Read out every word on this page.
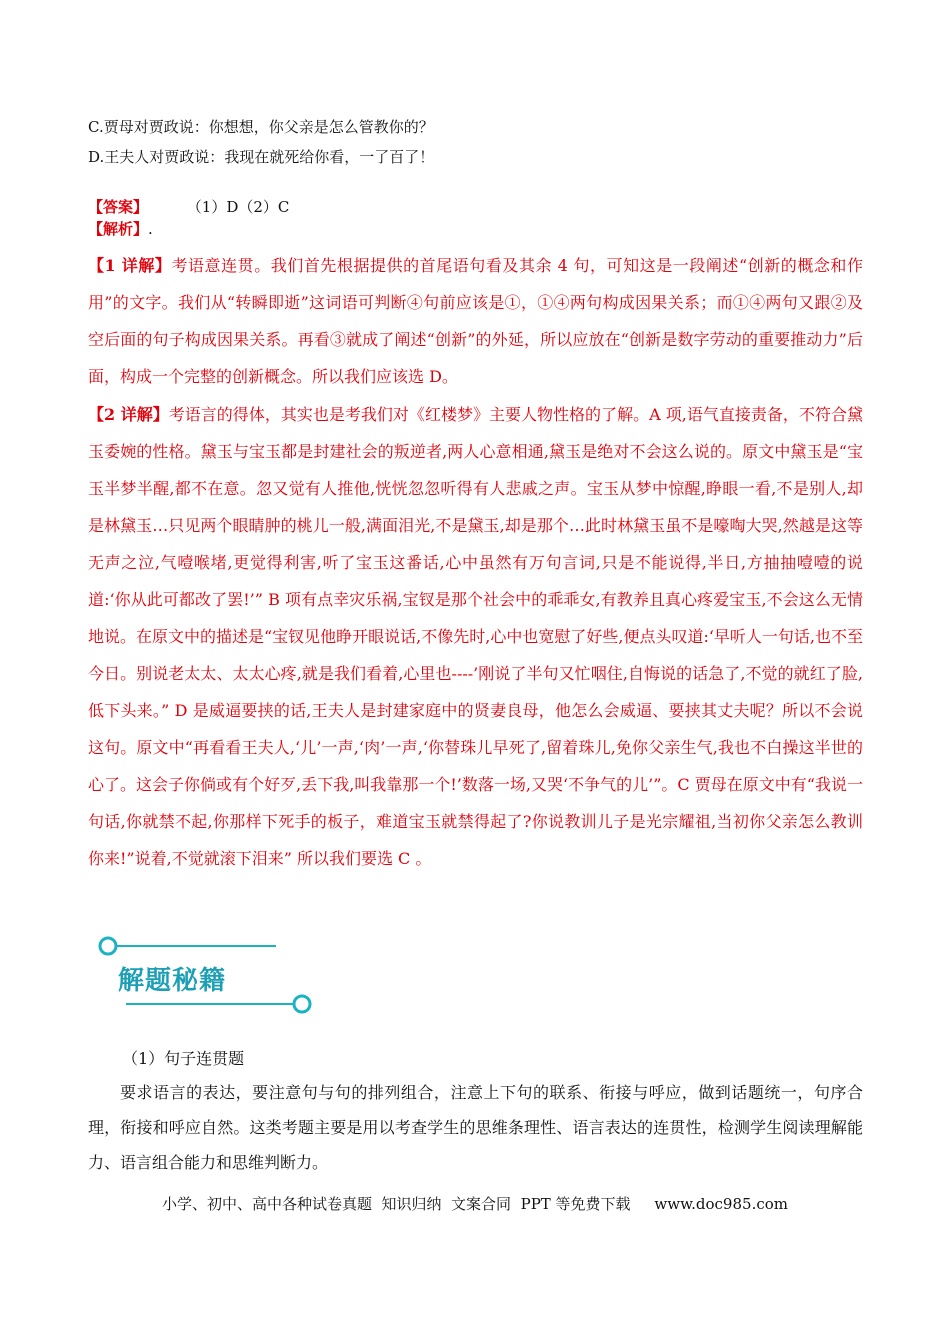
C.贾母对贾政说：你想想，你父亲是怎么管教你的？
D.王夫人对贾政说：我现在就死给你看，一了百了！
【答案】	（1）D（2）C
【解析】.
【1 详解】考语意连贯。我们首先根据提供的首尾语句看及其余 4 句，可知这是一段阐述“创新的概念和作用”的文字。我们从“转瞬即逝”这词语可判断④句前应该是①，①④两句构成因果关系；而①④两句又跟②及空后面的句子构成因果关系。再看③就成了阐述“创新”的外延，所以应放在“创新是数字劳动的重要推动力”后面，构成一个完整的创新概念。所以我们应该选 D。
【2 详解】考语言的得体，其实也是考我们对《红楼梦》主要人物性格的了解。A 项,语气直接责备，不符合黛玉委婉的性格。黛玉与宝玉都是封建社会的叛逆者,两人心意相通,黛玉是绝对不会这么说的。原文中黛玉是“宝玉半梦半醒,都不在意。忽又觉有人推他,恍恍忽忽听得有人悲戚之声。宝玉从梦中惊醒,睁眼一看,不是别人,却是林黛玉…只见两个眼睛肿的桃儿一般,满面泪光,不是黛玉,却是那个…此时林黛玉虽不是嚎啕大哭,然越是这等无声之泣,气噎喉堵,更觉得利害,听了宝玉这番话,心中虽然有万句言词,只是不能说得,半日,方抽抽噎噎的说道:‘你从此可都改了罢!’” B 项有点幸灾乐祸,宝钗是那个社会中的乖乖女,有教养且真心疼爱宝玉,不会这么无情地说。在原文中的描述是“宝钗见他睁开眼说话,不像先时,心中也宽慰了好些,便点头叹道:‘早听人一句话,也不至今日。别说老太太、太太心疼,就是我们看着,心里也----’刚说了半句又忙咽住,自悔说的话急了,不觉的就红了脸,低下头来。” D 是威逼要挟的话,王夫人是封建家庭中的贤妻良母，他怎么会威逼、要挟其丈夫呢？所以不会说这句。原文中“再看看王夫人,‘儿’一声,‘肉’一声,‘你替珠儿早死了,留着珠儿,免你父亲生气,我也不白操这半世的心了。这会子你倘或有个好歹,丢下我,叫我靠那一个!’数落一场,又哭‘不争气的儿’”。C 贾母在原文中有“我说一句话,你就禁不起,你那样下死手的板子，难道宝玉就禁得起了?你说教训儿子是光宗耀祖,当初你父亲怎么教训你来!”说着,不觉就滚下泪来” 所以我们要选 C 。
解题秘籍
（1）句子连贯题
要求语言的表达，要注意句与句的排列组合，注意上下句的联系、衔接与呼应，做到话题统一，句序合理，衔接和呼应自然。这类考题主要是用以考查学生的思维条理性、语言表达的连贯性，检测学生阅读理解能力、语言组合能力和思维判断力。
小学、初中、高中各种试卷真题  知识归纳  文案合同  PPT 等免费下载     www.doc985.com
